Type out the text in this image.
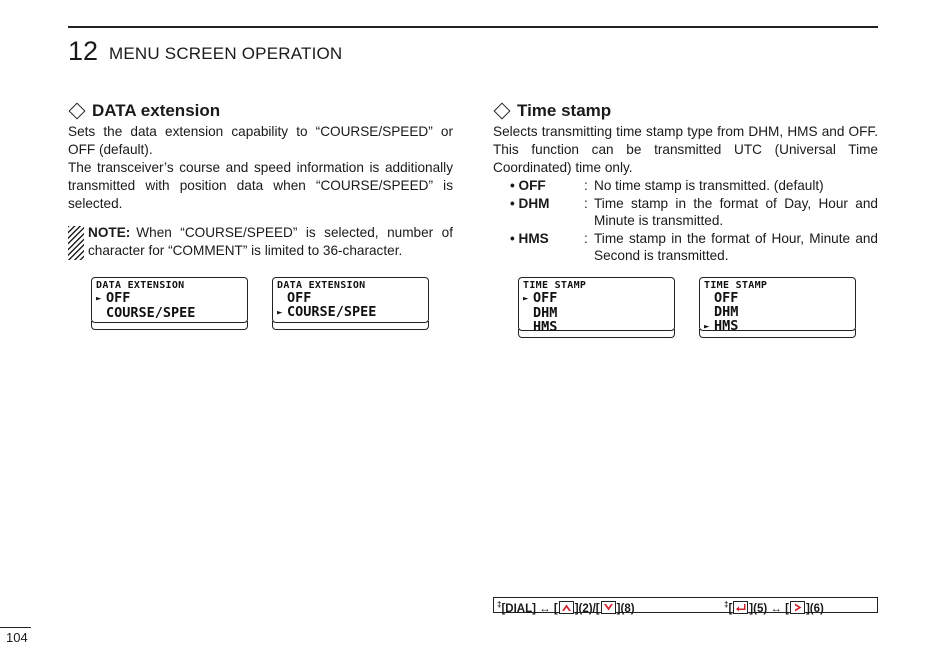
12 MENU SCREEN OPERATION
DATA extension

Sets the data extension capability to “COURSE/SPEED” or OFF (default).

The transceiver’s course and speed information is additionally transmitted with position data when “COURSE/SPEED” is selected.

NOTE: When “COURSE/SPEED” is selected, number of character for “COMMENT” is limited to 36-character.
DATA EXTENSION
► OFF
COURSE/SPEE
DATA EXTENSION
OFF
► COURSE/SPEE
Time stamp

Selects transmitting time stamp type from DHM, HMS and OFF. This function can be transmitted UTC (Universal Time Coordinated) time only.

• OFF	: No time stamp is transmitted. (default)
• DHM	: Time stamp in the format of Day, Hour and Minute is transmitted.
• HMS	: Time stamp in the format of Hour, Minute and Second is transmitted.
TIME STAMP
► OFF
DHM
HMS
TIME STAMP
OFF
DHM
► HMS
‡[DIAL] ↔ [ ](2)/[ ](8)	‡[ ](5) ↔ [ ](6)
104
